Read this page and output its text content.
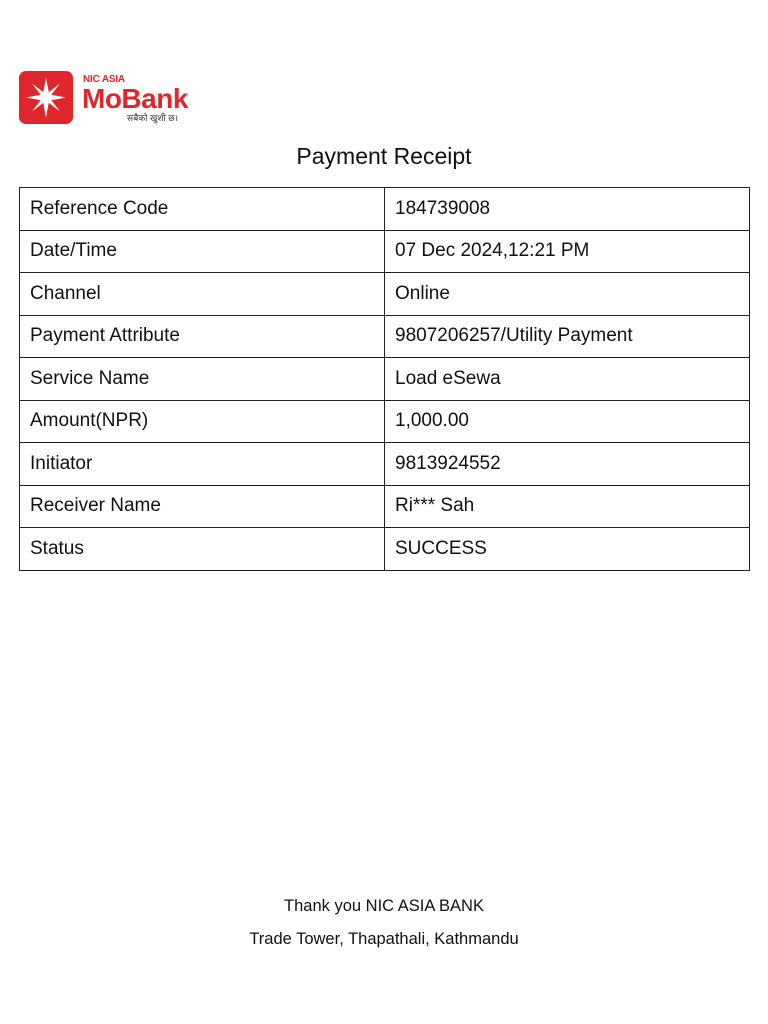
NIC ASIA
MoBank
सबैको खुशी छ।
Payment Receipt
Reference Code	184739008
Date/Time	07 Dec 2024,12:21 PM
Channel	Online
Payment Attribute	9807206257/Utility Payment
Service Name	Load eSewa
Amount(NPR)	1,000.00
Initiator	9813924552
Receiver Name	Ri*** Sah
Status	SUCCESS
Thank you NIC ASIA BANK
Trade Tower, Thapathali, Kathmandu
